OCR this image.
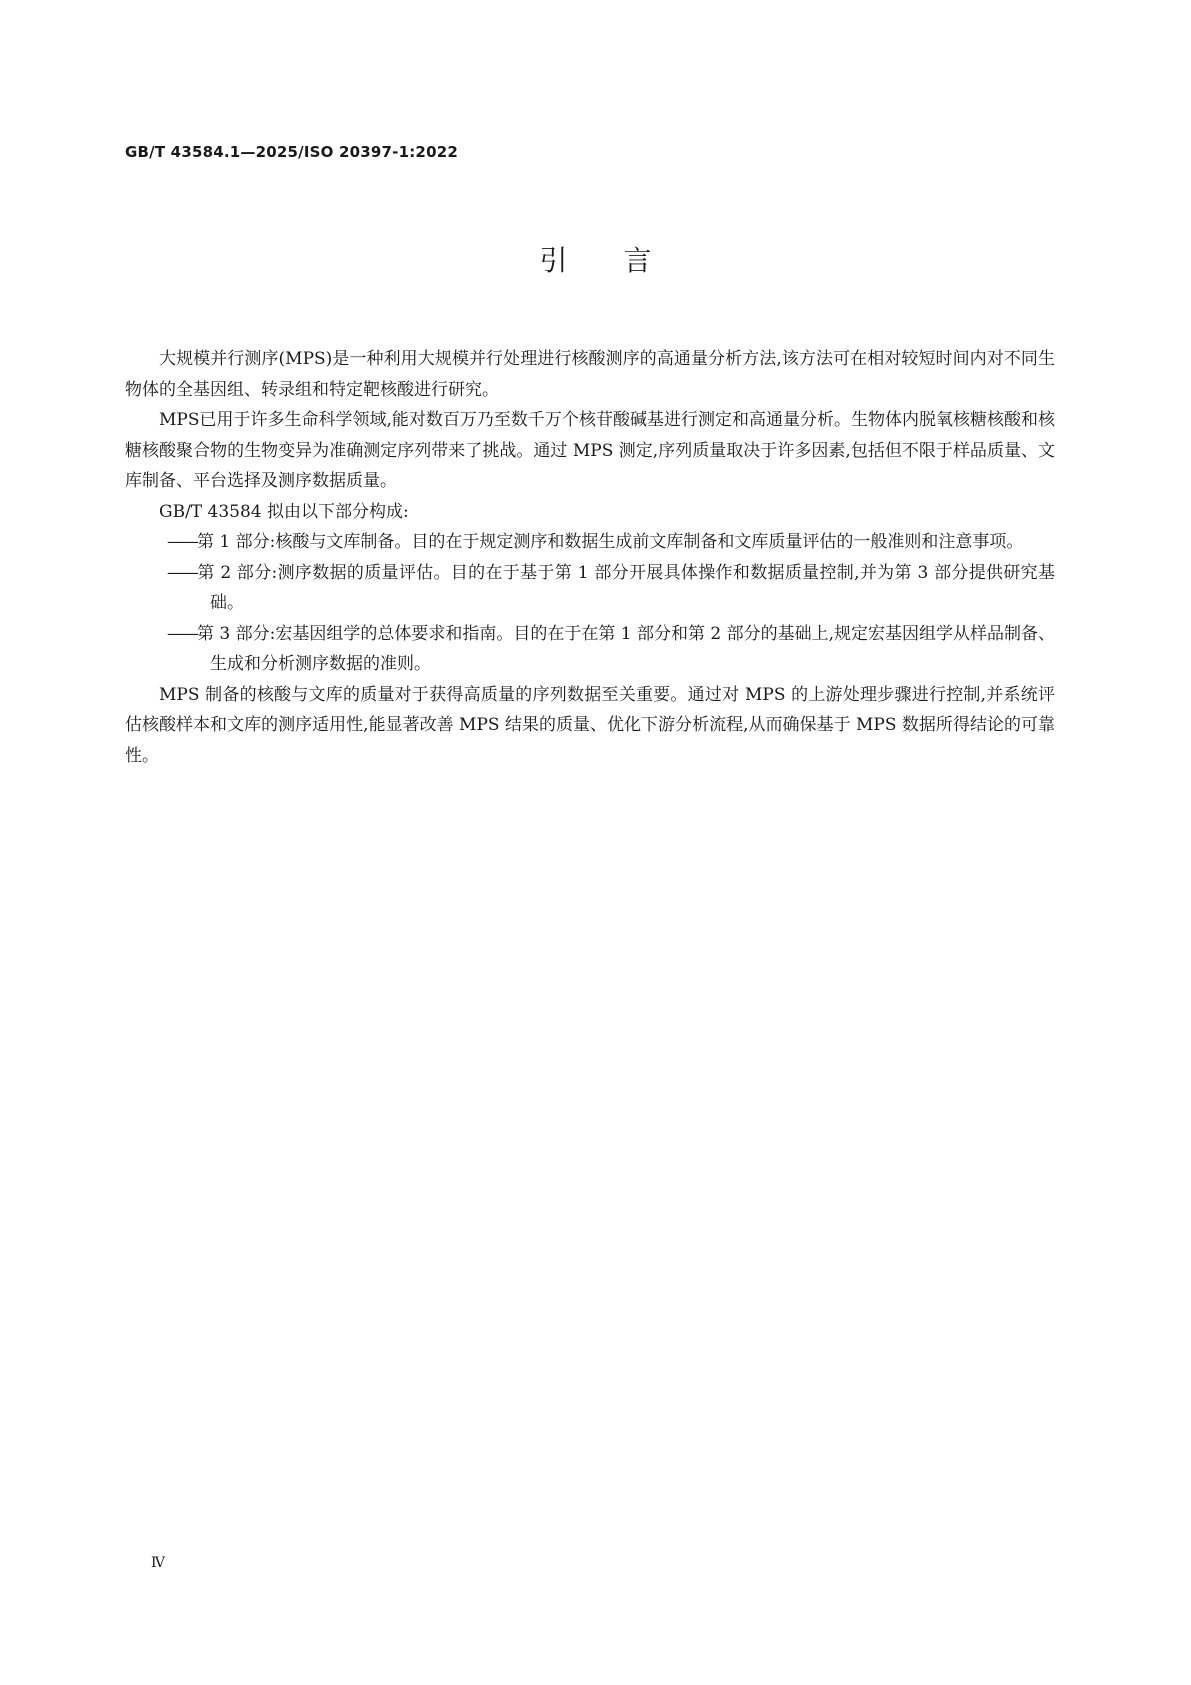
GB/T 43584.1—2025/ISO 20397-1:2022

引言

大规模并行测序(MPS)是一种利用大规模并行处理进行核酸测序的高通量分析方法,该方法可在相对较短时间内对不同生物体的全基因组、转录组和特定靶核酸进行研究。

MPS已用于许多生命科学领域,能对数百万乃至数千万个核苷酸碱基进行测定和高通量分析。生物体内脱氧核糖核酸和核糖核酸聚合物的生物变异为准确测定序列带来了挑战。通过 MPS 测定,序列质量取决于许多因素,包括但不限于样品质量、文库制备、平台选择及测序数据质量。

GB/T 43584 拟由以下部分构成:

——第 1 部分:核酸与文库制备。目的在于规定测序和数据生成前文库制备和文库质量评估的一般准则和注意事项。

——第 2 部分:测序数据的质量评估。目的在于基于第 1 部分开展具体操作和数据质量控制,并为第 3 部分提供研究基础。

——第 3 部分:宏基因组学的总体要求和指南。目的在于在第 1 部分和第 2 部分的基础上,规定宏基因组学从样品制备、生成和分析测序数据的准则。

MPS 制备的核酸与文库的质量对于获得高质量的序列数据至关重要。通过对 MPS 的上游处理步骤进行控制,并系统评估核酸样本和文库的测序适用性,能显著改善 MPS 结果的质量、优化下游分析流程,从而确保基于 MPS 数据所得结论的可靠性。

Ⅳ
